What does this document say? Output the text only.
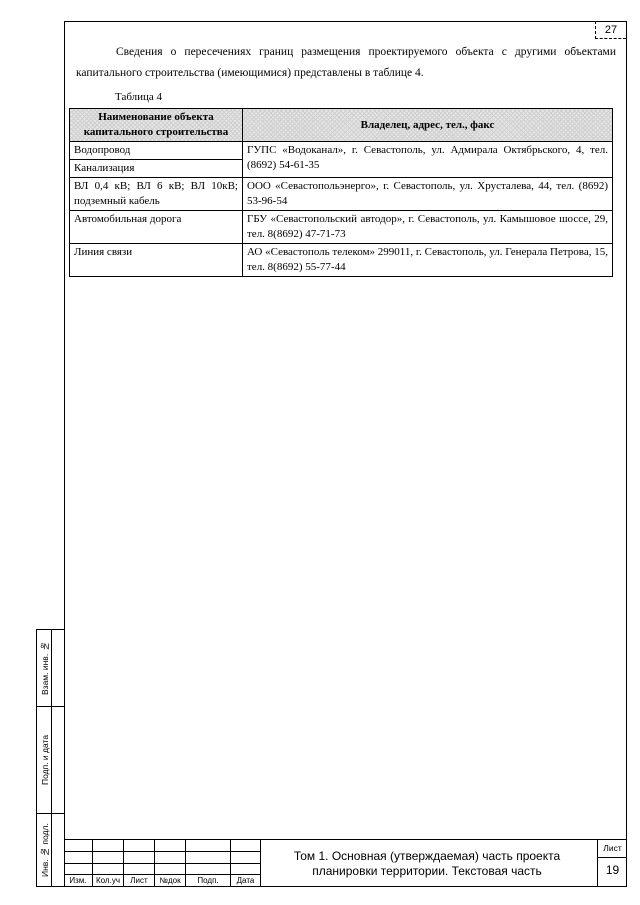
27
Сведения о пересечениях границ размещения проектируемого объекта с другими объектами капитального строительства (имеющимися) представлены в таблице 4.
Таблица 4
Наименование объекта капитального строительства	Владелец, адрес, тел., факс
Водопровод	ГУПС «Водоканал», г. Севастополь, ул. Адмирала Октябрьского, 4, тел. (8692) 54-61-35
Канализация	
ВЛ 0,4 кВ; ВЛ 6 кВ; ВЛ 10кВ; подземный кабель	ООО «Севастопольэнерго», г. Севастополь, ул. Хрусталева, 44, тел. (8692) 53-96-54
Автомобильная дорога	ГБУ «Севастопольский автодор», г. Севастополь, ул. Камышовое шоссе, 29, тел. 8(8692) 47-71-73
Линия связи	АО «Севастополь телеком» 299011, г. Севастополь, ул. Генерала Петрова, 15, тел. 8(8692) 55-77-44
Взам. инв. №
Подп. и дата
Инв. № подл.
Изм.	Кол.уч	Лист	№док	Подп.	Дата
Том 1. Основная (утверждаемая) часть проекта планировки территории. Текстовая часть
Лист
19
